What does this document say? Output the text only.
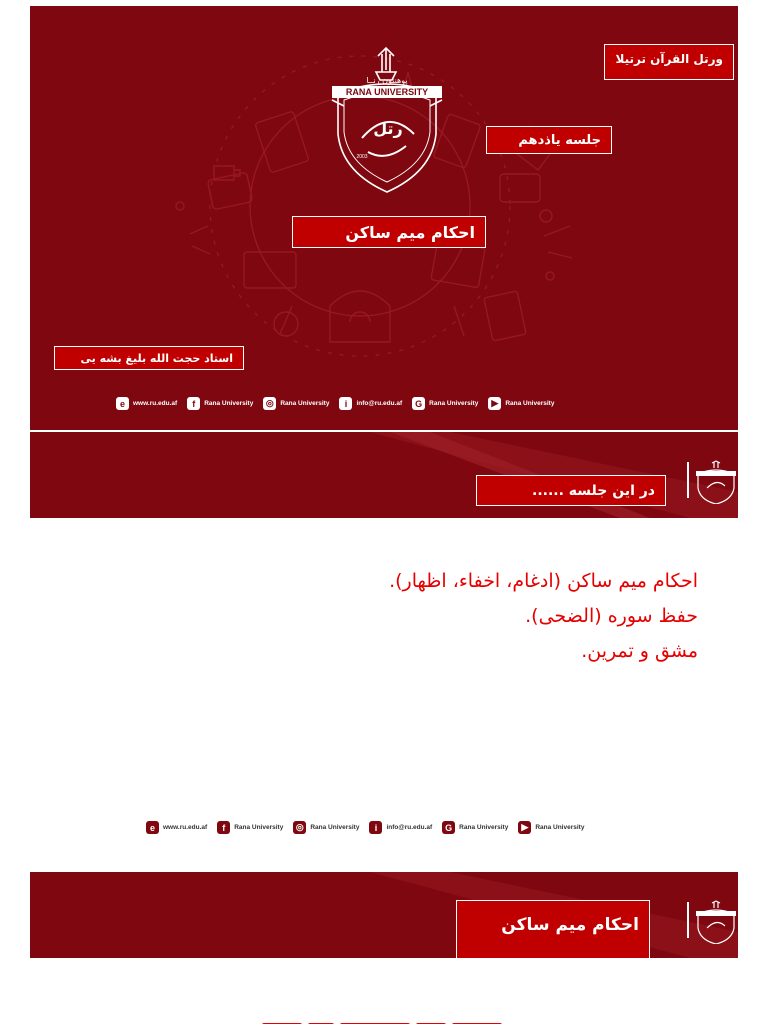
پوهنتون رنــا
RANA UNIVERSITY
رتل
2003
ورتل القرآن ترتیلا
جلسه یاذدهم
احکام میم ساکن
استاد حجت الله بلیغ بشه یی
e	www.ru.edu.af	f	Rana University ◎	Rana University	i	info@ru.edu.af	G	Rana University	▶	Rana University
در این جلسه ......
احکام میم ساکن (ادغام، اخفاء، اظهار).
حفظ سوره (الضحی).
مشق و تمرین.
e	www.ru.edu.af	f	Rana University ◎	Rana University	i	info@ru.edu.af	G	Rana University	▶	Rana University
احکام میم ساکن
